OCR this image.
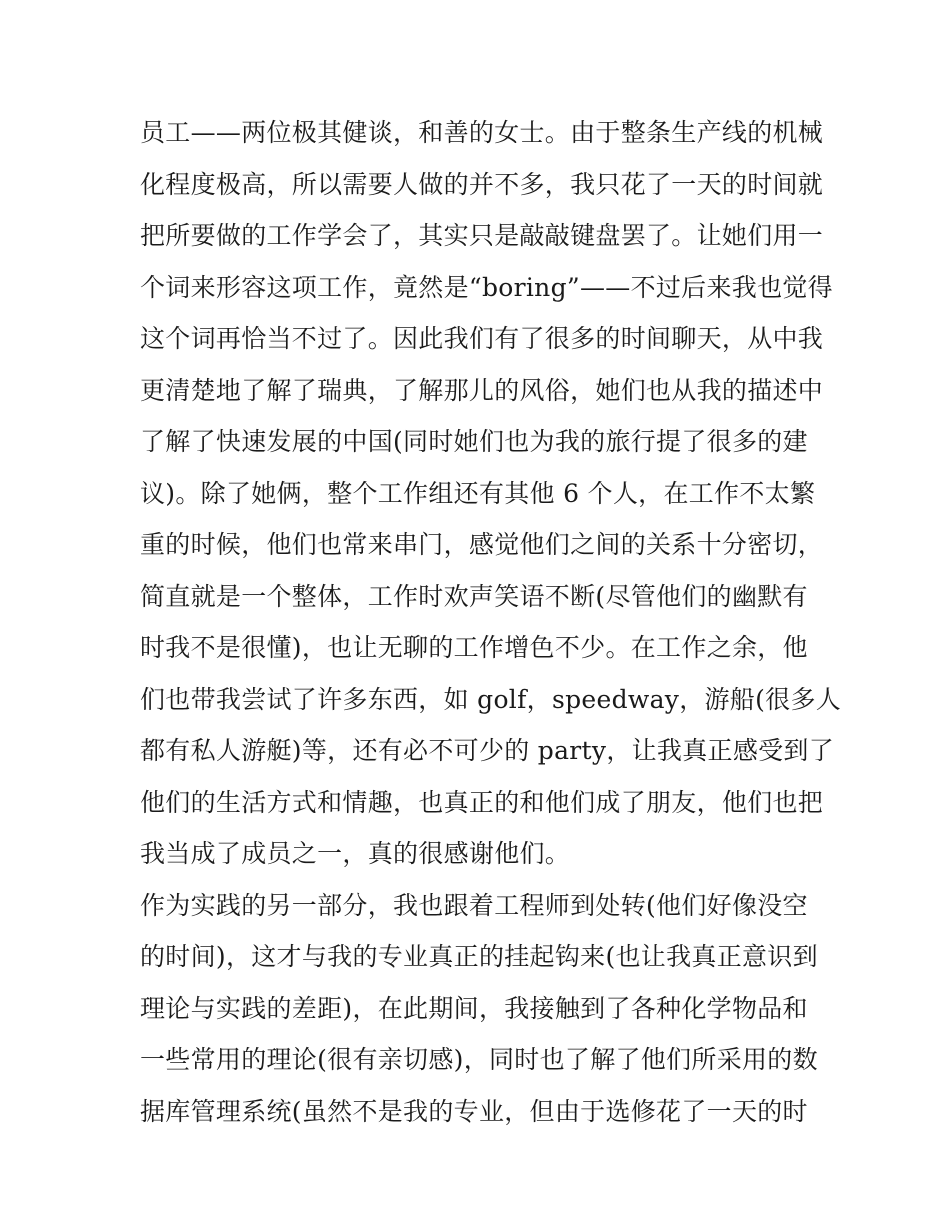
员工——两位极其健谈，和善的女士。由于整条生产线的机械
化程度极高，所以需要人做的并不多，我只花了一天的时间就
把所要做的工作学会了，其实只是敲敲键盘罢了。让她们用一
个词来形容这项工作，竟然是“boring”——不过后来我也觉得
这个词再恰当不过了。因此我们有了很多的时间聊天，从中我
更清楚地了解了瑞典，了解那儿的风俗，她们也从我的描述中
了解了快速发展的中国(同时她们也为我的旅行提了很多的建
议)。除了她俩，整个工作组还有其他 6 个人，在工作不太繁
重的时候，他们也常来串门，感觉他们之间的关系十分密切，
简直就是一个整体，工作时欢声笑语不断(尽管他们的幽默有
时我不是很懂)，也让无聊的工作增色不少。在工作之余，他
们也带我尝试了许多东西，如 golf，speedway，游船(很多人
都有私人游艇)等，还有必不可少的 party，让我真正感受到了
他们的生活方式和情趣，也真正的和他们成了朋友，他们也把
我当成了成员之一，真的很感谢他们。
作为实践的另一部分，我也跟着工程师到处转(他们好像没空
的时间)，这才与我的专业真正的挂起钩来(也让我真正意识到
理论与实践的差距)，在此期间，我接触到了各种化学物品和
一些常用的理论(很有亲切感)，同时也了解了他们所采用的数
据库管理系统(虽然不是我的专业，但由于选修花了一天的时
